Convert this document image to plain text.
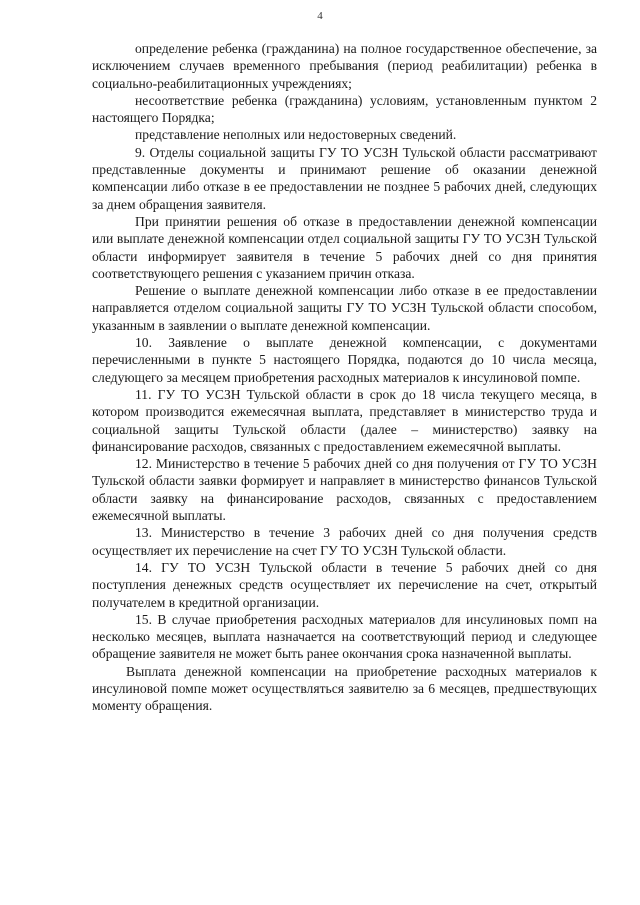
4

определение ребенка (гражданина) на полное государственное обеспечение, за исключением случаев временного пребывания (период реабилитации) ребенка в социально-реабилитационных учреждениях;

несоответствие ребенка (гражданина) условиям, установленным пунктом 2 настоящего Порядка;

представление неполных или недостоверных сведений.

9. Отделы социальной защиты ГУ ТО УСЗН Тульской области рассматривают представленные документы и принимают решение об оказании денежной компенсации либо отказе в ее предоставлении не позднее 5 рабочих дней, следующих за днем обращения заявителя.

При принятии решения об отказе в предоставлении денежной компенсации или выплате денежной компенсации отдел социальной защиты ГУ ТО УСЗН Тульской области информирует заявителя в течение 5 рабочих дней со дня принятия соответствующего решения с указанием причин отказа.

Решение о выплате денежной компенсации либо отказе в ее предоставлении направляется отделом социальной защиты ГУ ТО УСЗН Тульской области способом, указанным в заявлении о выплате денежной компенсации.

10. Заявление о выплате денежной компенсации, с документами перечисленными в пункте 5 настоящего Порядка, подаются до 10 числа месяца, следующего за месяцем приобретения расходных материалов к инсулиновой помпе.

11. ГУ ТО УСЗН Тульской области в срок до 18 числа текущего месяца, в котором производится ежемесячная выплата, представляет в министерство труда и социальной защиты Тульской области (далее – министерство) заявку на финансирование расходов, связанных с предоставлением ежемесячной выплаты.

12. Министерство в течение 5 рабочих дней со дня получения от ГУ ТО УСЗН Тульской области заявки формирует и направляет в министерство финансов Тульской области заявку на финансирование расходов, связанных с предоставлением ежемесячной выплаты.

13. Министерство в течение 3 рабочих дней со дня получения средств осуществляет их перечисление на счет ГУ ТО УСЗН Тульской области.

14. ГУ ТО УСЗН Тульской области в течение 5 рабочих дней со дня поступления денежных средств осуществляет их перечисление на счет, открытый получателем в кредитной организации.

15. В случае приобретения расходных материалов для инсулиновых помп на несколько месяцев, выплата назначается на соответствующий период и следующее обращение заявителя не может быть ранее окончания срока назначенной выплаты.

Выплата денежной компенсации на приобретение расходных материалов к инсулиновой помпе может осуществляться заявителю за 6 месяцев, предшествующих моменту обращения.
